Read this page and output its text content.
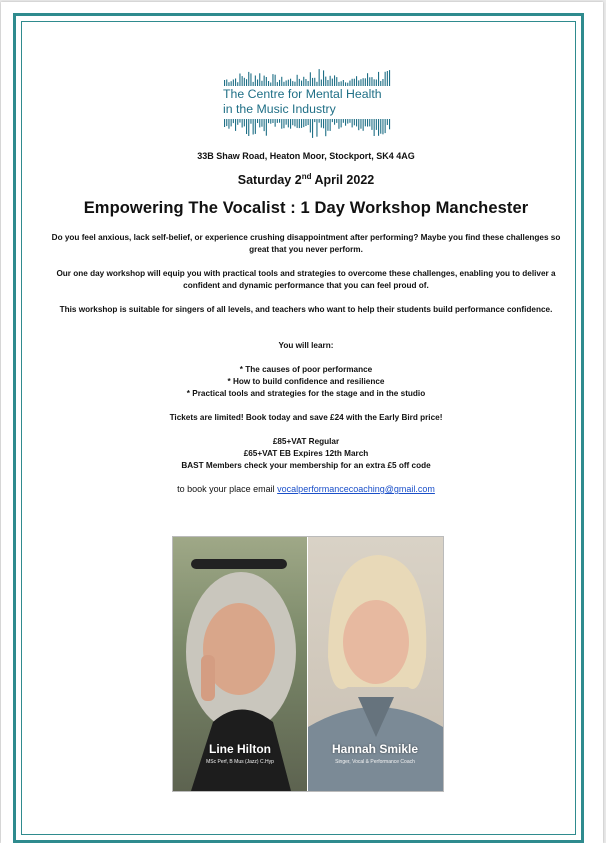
The Centre for Mental Health
in the Music Industry
33B Shaw Road, Heaton Moor, Stockport, SK4 4AG
Saturday 2nd April 2022
Empowering The Vocalist : 1 Day Workshop Manchester
Do you feel anxious, lack self-belief, or experience crushing disappointment after performing? Maybe you find these challenges so great that you never perform.
Our one day workshop will equip you with practical tools and strategies to overcome these challenges, enabling you to deliver a confident and dynamic performance that you can feel proud of.
This workshop is suitable for singers of all levels, and teachers who want to help their students build performance confidence.
You will learn:
* The causes of poor performance
* How to build confidence and resilience
* Practical tools and strategies for the stage and in the studio
Tickets are limited! Book today and save £24 with the Early Bird price!
£85+VAT Regular
£65+VAT EB Expires 12th March
BAST Members check your membership for an extra £5 off code
to book your place email vocalperformancecoaching@gmail.com
Line Hilton
MSc Perf, B Mus (Jazz) C.Hyp
Hannah Smikle
Singer, Vocal & Performance Coach
